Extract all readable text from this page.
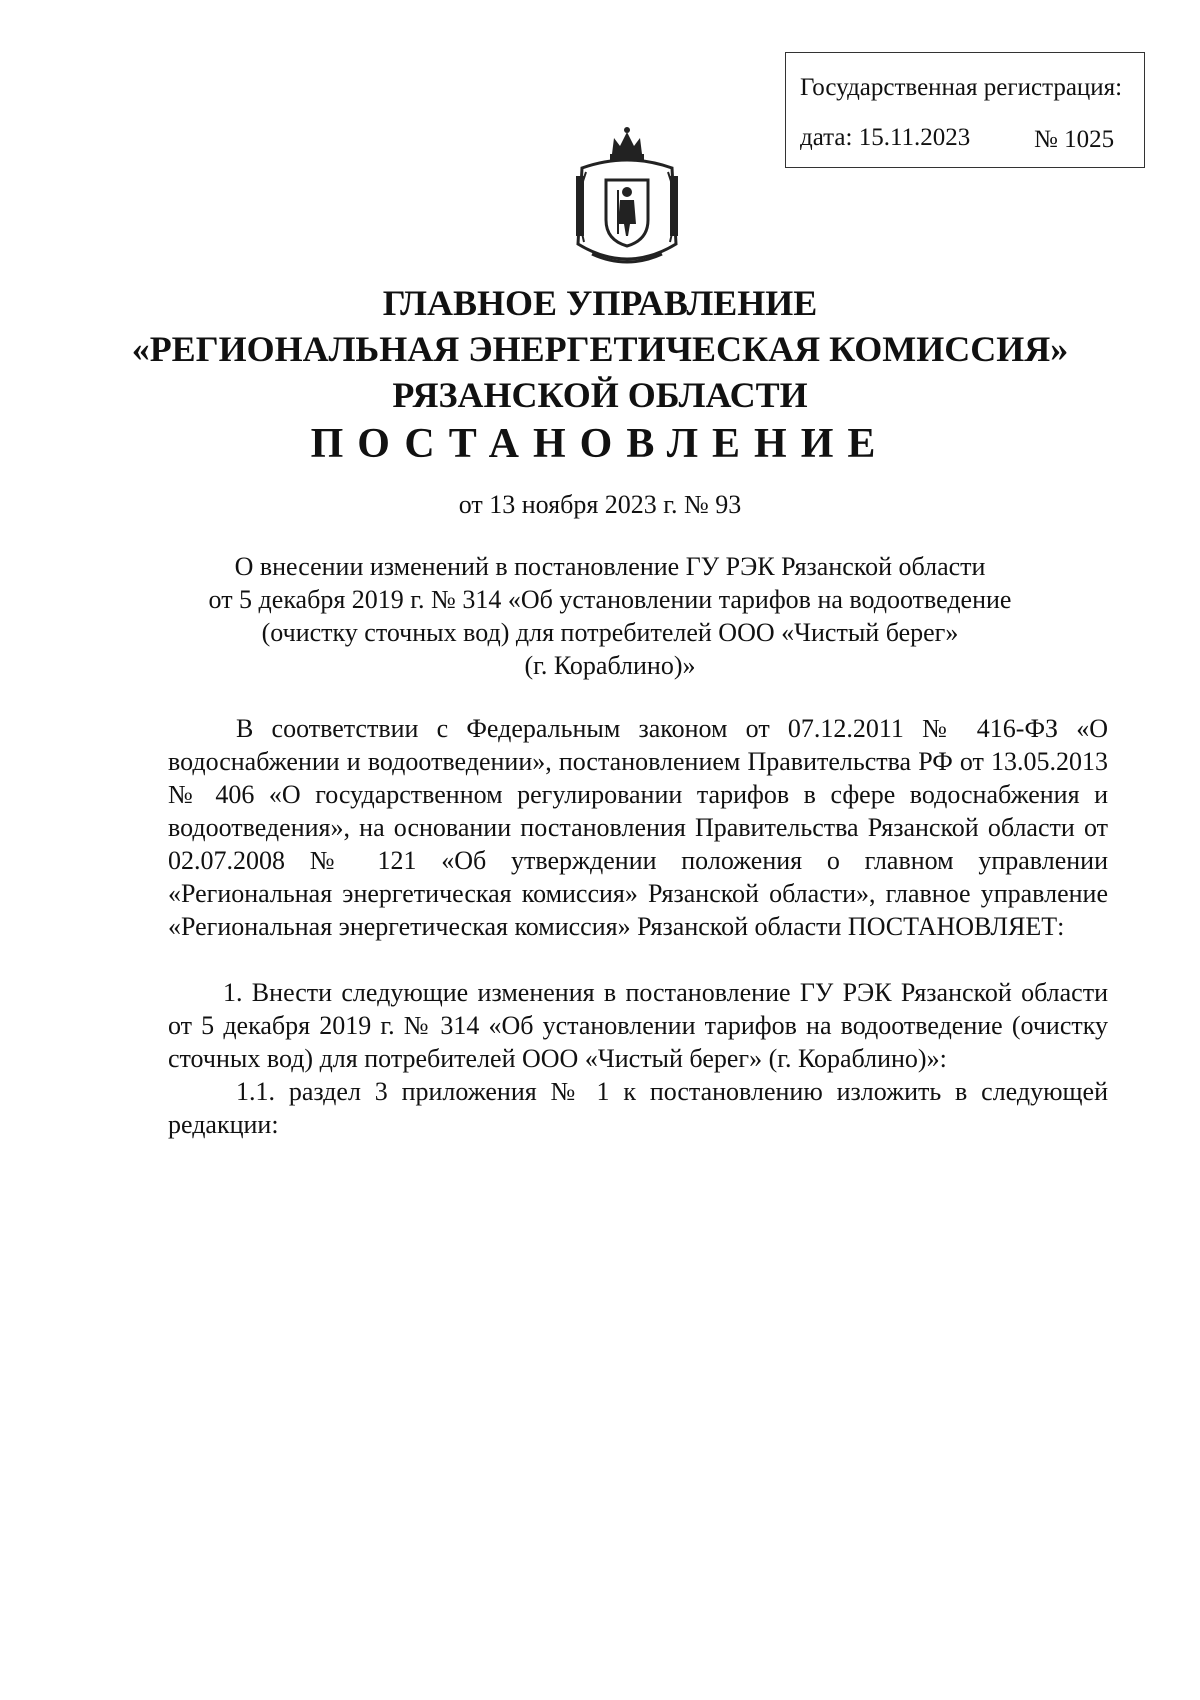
Государственная регистрация:
дата: 15.11.2023	№ 1025
ГЛАВНОЕ УПРАВЛЕНИЕ
«РЕГИОНАЛЬНАЯ ЭНЕРГЕТИЧЕСКАЯ КОМИССИЯ»
РЯЗАНСКОЙ ОБЛАСТИ
ПОСТАНОВЛЕНИЕ
от 13 ноября 2023 г. № 93
О внесении изменений в постановление ГУ РЭК Рязанской области
от 5 декабря 2019 г. № 314 «Об установлении тарифов на водоотведение
(очистку сточных вод) для потребителей ООО «Чистый берег»
(г. Кораблино)»

В соответствии с Федеральным законом от 07.12.2011 № 416-ФЗ «О водоснабжении и водоотведении», постановлением Правительства РФ от 13.05.2013 № 406 «О государственном регулировании тарифов в сфере водоснабжения и водоотведения», на основании постановления Правительства Рязанской области от 02.07.2008 № 121 «Об утверждении положения о главном управлении «Региональная энергетическая комиссия» Рязанской области», главное управление «Региональная энергетическая комиссия» Рязанской области ПОСТАНОВЛЯЕТ:

1. Внести следующие изменения в постановление ГУ РЭК Рязанской области от 5 декабря 2019 г. № 314 «Об установлении тарифов на водоотведение (очистку сточных вод) для потребителей ООО «Чистый берег» (г. Кораблино)»:

1.1. раздел 3 приложения № 1 к постановлению изложить в следующей редакции:
